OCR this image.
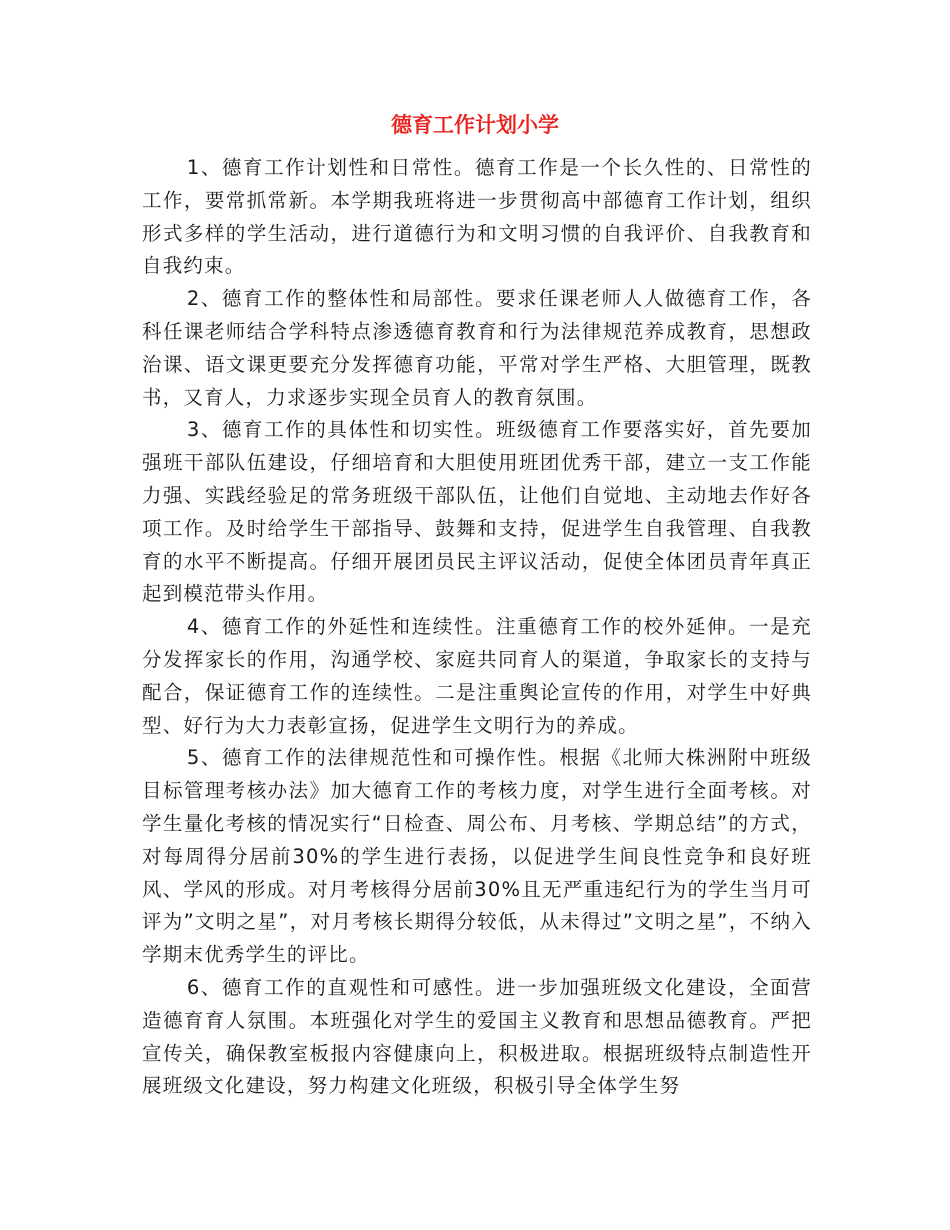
德育工作计划小学

1、德育工作计划性和日常性。德育工作是一个长久性的、日常性的工作，要常抓常新。本学期我班将进一步贯彻高中部德育工作计划，组织形式多样的学生活动，进行道德行为和文明习惯的自我评价、自我教育和自我约束。

2、德育工作的整体性和局部性。要求任课老师人人做德育工作，各科任课老师结合学科特点渗透德育教育和行为法律规范养成教育，思想政治课、语文课更要充分发挥德育功能，平常对学生严格、大胆管理，既教书，又育人，力求逐步实现全员育人的教育氛围。

3、德育工作的具体性和切实性。班级德育工作要落实好，首先要加强班干部队伍建设，仔细培育和大胆使用班团优秀干部，建立一支工作能力强、实践经验足的常务班级干部队伍，让他们自觉地、主动地去作好各项工作。及时给学生干部指导、鼓舞和支持，促进学生自我管理、自我教育的水平不断提高。仔细开展团员民主评议活动，促使全体团员青年真正起到模范带头作用。

4、德育工作的外延性和连续性。注重德育工作的校外延伸。一是充分发挥家长的作用，沟通学校、家庭共同育人的渠道，争取家长的支持与配合，保证德育工作的连续性。二是注重舆论宣传的作用，对学生中好典型、好行为大力表彰宣扬，促进学生文明行为的养成。

5、德育工作的法律规范性和可操作性。根据《北师大株洲附中班级目标管理考核办法》加大德育工作的考核力度，对学生进行全面考核。对学生量化考核的情况实行“日检查、周公布、月考核、学期总结”的方式，对每周得分居前30%的学生进行表扬，以促进学生间良性竞争和良好班风、学风的形成。对月考核得分居前30%且无严重违纪行为的学生当月可评为”文明之星”，对月考核长期得分较低，从未得过”文明之星”，不纳入学期末优秀学生的评比。

6、德育工作的直观性和可感性。进一步加强班级文化建设，全面营造德育育人氛围。本班强化对学生的爱国主义教育和思想品德教育。严把宣传关，确保教室板报内容健康向上，积极进取。根据班级特点制造性开展班级文化建设，努力构建文化班级，积极引导全体学生努
